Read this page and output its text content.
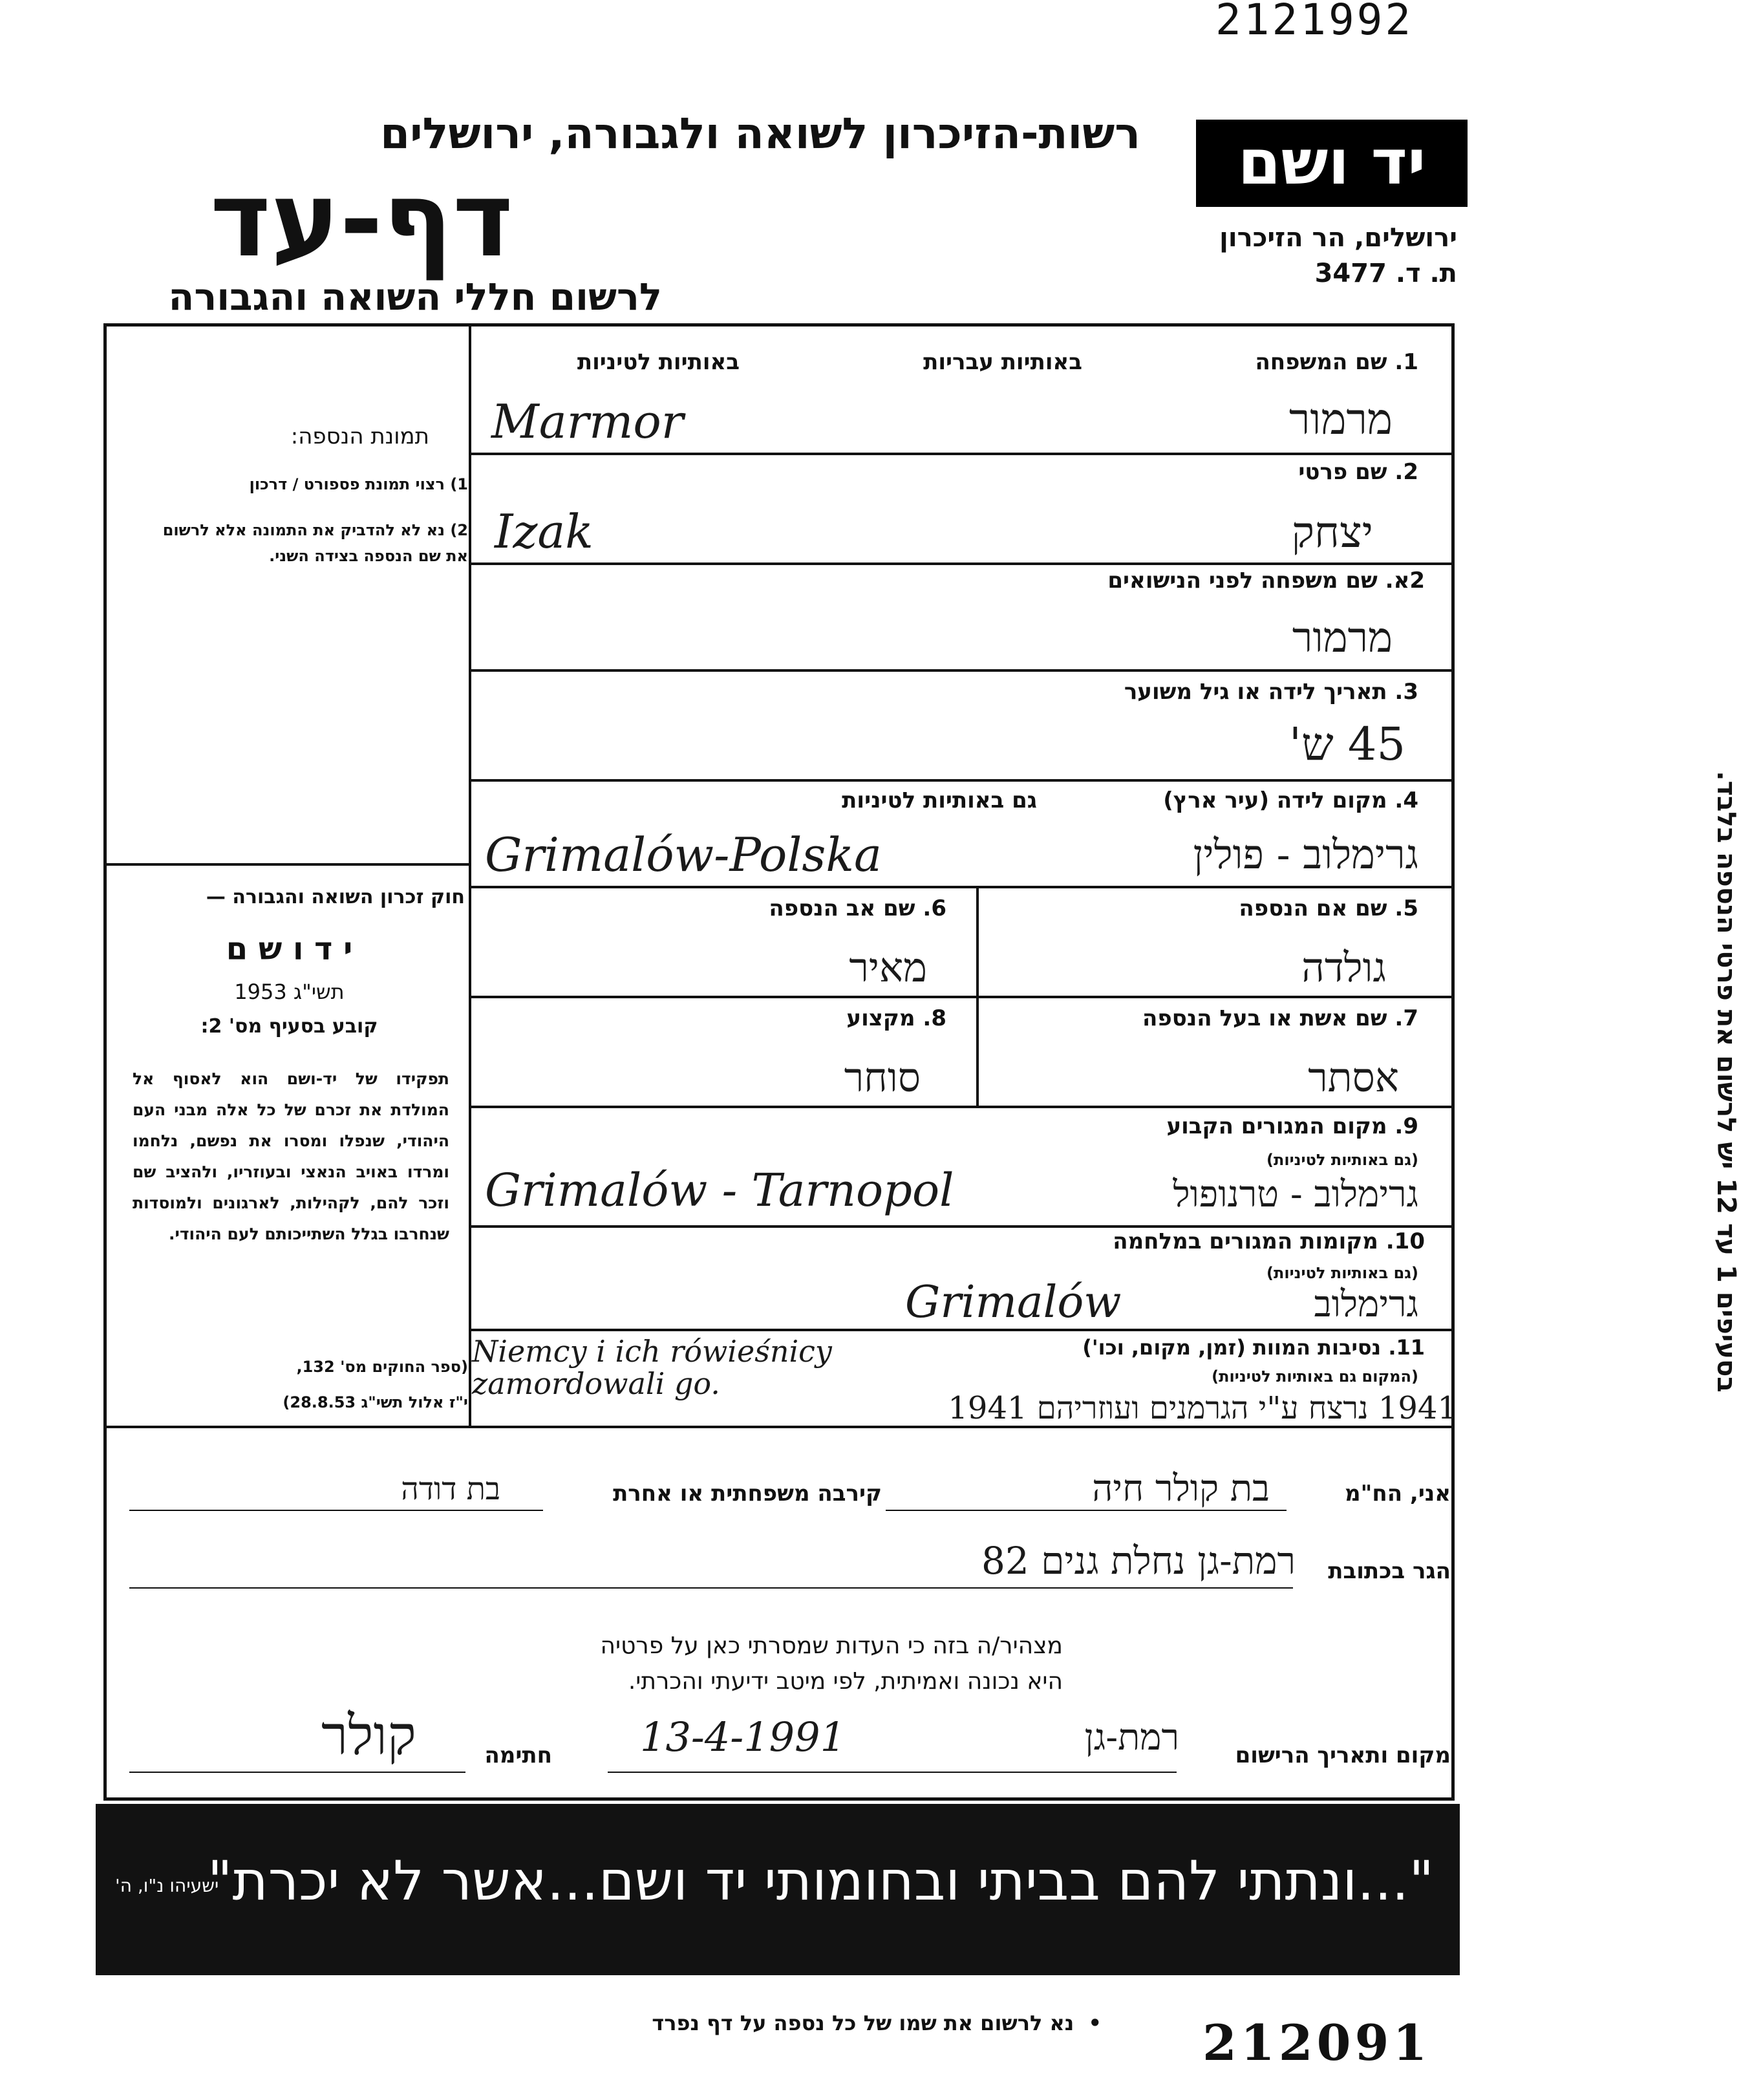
2121992
יד ושם
ירושלים, הר הזיכרון
ת. ד. 3477
רשות-הזיכרון לשואה ולגבורה, ירושלים
דף-עד
לרשום חללי השואה והגבורה
בסעיפים 1 עד 12 יש לרשום את פרטי הנספה בלבד.
תמונת הנספה:
1) רצוי תמונת פספורט / דרכון
2) נא לא להדביק את התמונה אלא לרשום את שם הנספה בצידה השני.
חוק זכרון השואה והגבורה —
י ד ו ש ם
תשי"ג 1953
קובע בסעיף מס' 2:
תפקידו של יד-ושם הוא לאסוף אל המולדת את זכרם של כל אלה מבני העם היהודי, שנפלו ומסרו את נפשם, נלחמו ומרדו באויב הנאצי ובעוזריו, ולהציב שם וזכר להם, לקהילות, לארגונים ולמוסדות שנחרבו בגלל השתייכותם לעם היהודי.
(ספר החוקים מס' 132,
י"ז אלול תשי"ג 28.8.53)
1. שם המשפחה
באותיות עבריות
באותיות לטיניות
Marmor	מרמור
2. שם פרטי
Izak	יצחק
2א. שם משפחה לפני הנישואים
מרמור
3. תאריך לידה או גיל משוער
45 ש'
4. מקום לידה (עיר ארץ)
גם באותיות לטיניות
Grimalów-Polska	גרימלוב - פולין
5. שם אם הנספה
גולדה
6. שם אב הנספה
מאיר
7. שם אשת או בעל הנספה
אסתר
8. מקצוע
סוחר
9. מקום המגורים הקבוע
(גם באותיות לטיניות)
Grimalów - Tarnopol	גרימלוב - טרנופול
10. מקומות המגורים במלחמה
(גם באותיות לטיניות)
Grimalów	גרימלוב
11. נסיבות המוות (זמן, מקום, וכו')
(המקום גם באותיות לטיניות)
Niemcy i ich rówieśnicy zamordowali go.
1941 נרצח ע"י הגרמנים ועוזריהם 1941
אני, הח"מ
בת קולר חיה
קירבה משפחתית או אחרת
בת דודה
הגר בכתובת
רמת-גן נחלת גנים 82
מצהיר/ה בזה כי העדות שמסרתי כאן על פרטיה
היא נכונה ואמיתית, לפי מיטב ידיעתי והכרתי.
מקום ותאריך הרישום
רמת-גן
13-4-1991
חתימה
קולר
"...ונתתי להם בביתי ובחומותי יד ושם...אשר לא יכרת"
ישעיהו נ"ו, ה'
•  נא לרשום את שמו של כל נספה על דף נפרד	212091
